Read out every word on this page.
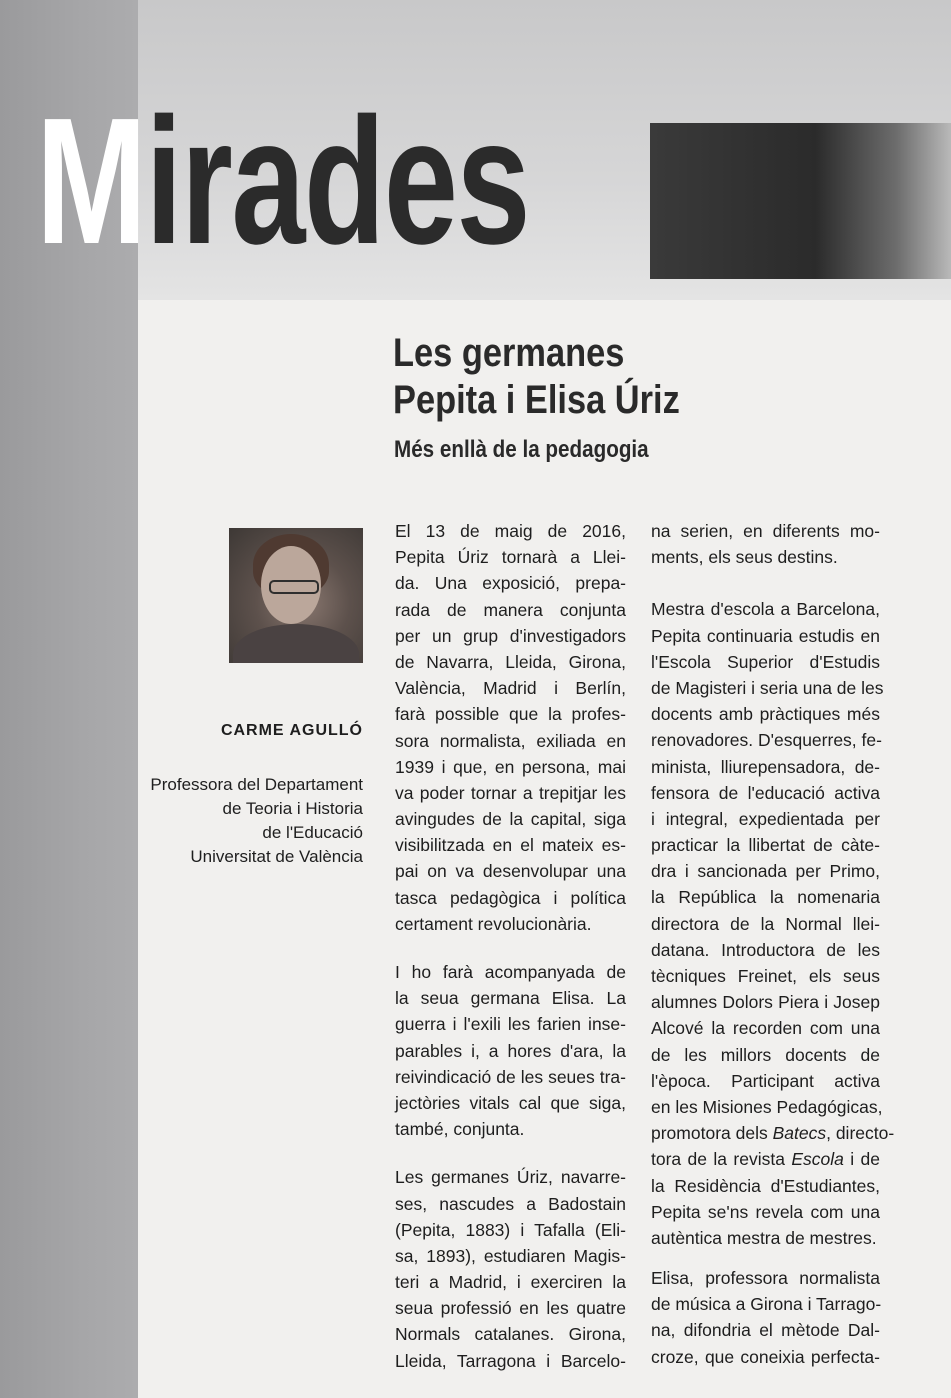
Mirades
Les germanes
Pepita i Elisa Úriz
Més enllà de la pedagogia
CARME AGULLÓ
Professora del Departament
de Teoria i Historia
de l'Educació
Universitat de València
El 13 de maig de 2016,
Pepita Úriz tornarà a Llei-
da. Una exposició, prepa-
rada de manera conjunta
per un grup d'investigadors
de Navarra, Lleida, Girona,
València, Madrid i Berlín,
farà possible que la profes-
sora normalista, exiliada en
1939 i que, en persona, mai
va poder tornar a trepitjar les
avingudes de la capital, siga
visibilitzada en el mateix es-
pai on va desenvolupar una
tasca pedagògica i política
certament revolucionària.
I ho farà acompanyada de
la seua germana Elisa. La
guerra i l'exili les farien inse-
parables i, a hores d'ara, la
reivindicació de les seues tra-
jectòries vitals cal que siga,
també, conjunta.
Les germanes Úriz, navarre-
ses, nascudes a Badostain
(Pepita, 1883) i Tafalla (Eli-
sa, 1893), estudiaren Magis-
teri a Madrid, i exerciren la
seua professió en les quatre
Normals catalanes. Girona,
Lleida, Tarragona i Barcelo-
na serien, en diferents mo-
ments, els seus destins.
Mestra d'escola a Barcelona,
Pepita continuaria estudis en
l'Escola Superior d'Estudis
de Magisteri i seria una de les
docents amb pràctiques més
renovadores. D'esquerres, fe-
minista, lliurepensadora, de-
fensora de l'educació activa
i integral, expedientada per
practicar la llibertat de càte-
dra i sancionada per Primo,
la República la nomenaria
directora de la Normal llei-
datana. Introductora de les
tècniques Freinet, els seus
alumnes Dolors Piera i Josep
Alcové la recorden com una
de les millors docents de
l'època. Participant activa
en les Misiones Pedagógicas,
promotora dels Batecs, directo-
tora de la revista Escola i de
la Residència d'Estudiantes,
Pepita se'ns revela com una
autèntica mestra de mestres.
Elisa, professora normalista
de música a Girona i Tarrago-
na, difondria el mètode Dal-
croze, que coneixia perfecta-
